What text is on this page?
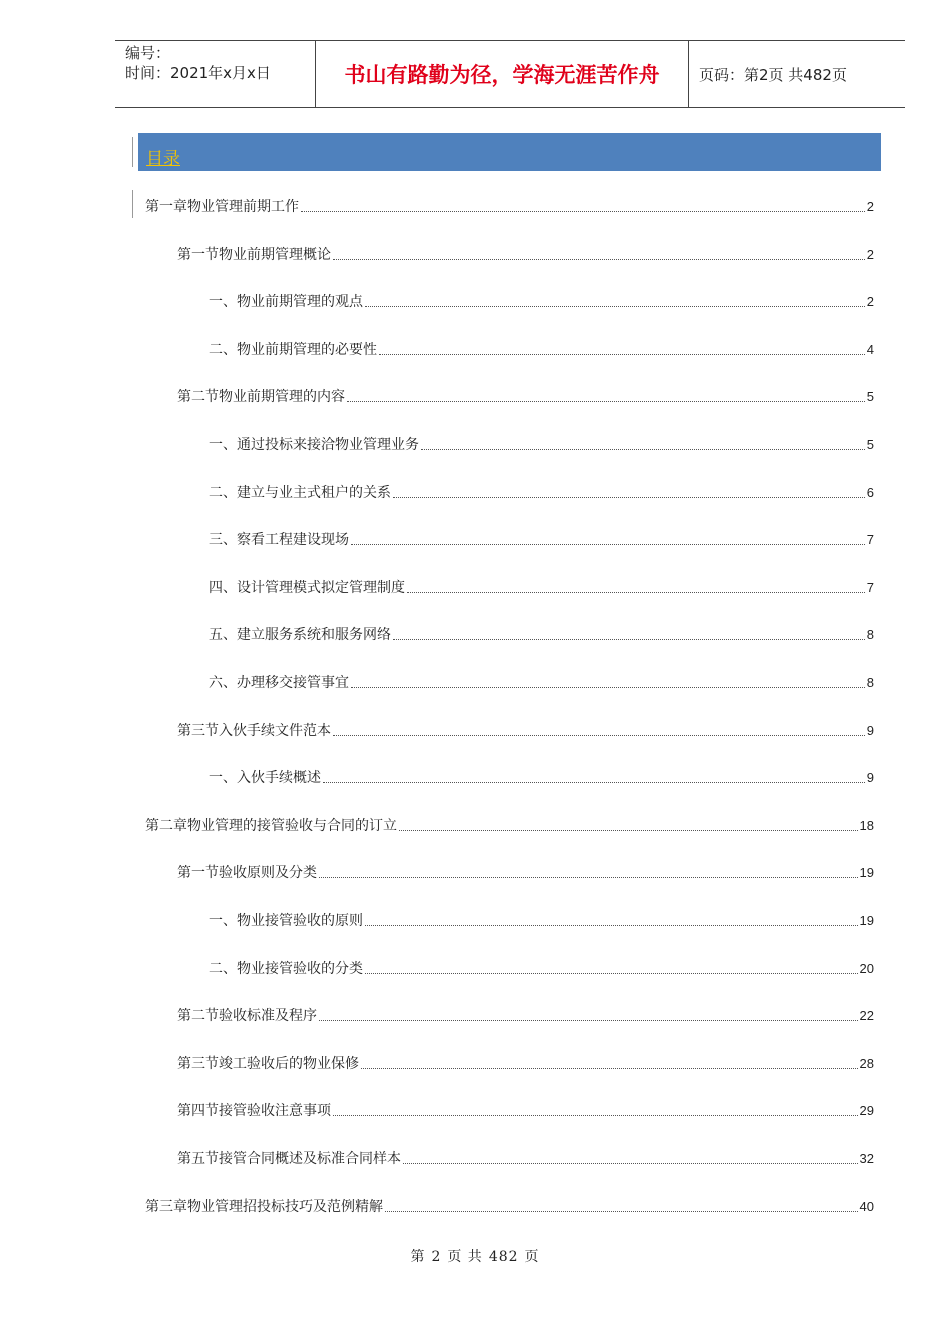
编号：
时间：2021年x月x日	书山有路勤为径，学海无涯苦作舟	页码：第2页 共482页
目录
第一章物业管理前期工作	2
第一节物业前期管理概论	2
一、物业前期管理的观点	2
二、物业前期管理的必要性	4
第二节物业前期管理的内容	5
一、通过投标来接洽物业管理业务	5
二、建立与业主式租户的关系	6
三、察看工程建设现场	7
四、设计管理模式拟定管理制度	7
五、建立服务系统和服务网络	8
六、办理移交接管事宜	8
第三节入伙手续文件范本	9
一、入伙手续概述	9
第二章物业管理的接管验收与合同的订立	18
第一节验收原则及分类	19
一、物业接管验收的原则	19
二、物业接管验收的分类	20
第二节验收标准及程序	22
第三节竣工验收后的物业保修	28
第四节接管验收注意事项	29
第五节接管合同概述及标准合同样本	32
第三章物业管理招投标技巧及范例精解	40
第 2 页 共 482 页
